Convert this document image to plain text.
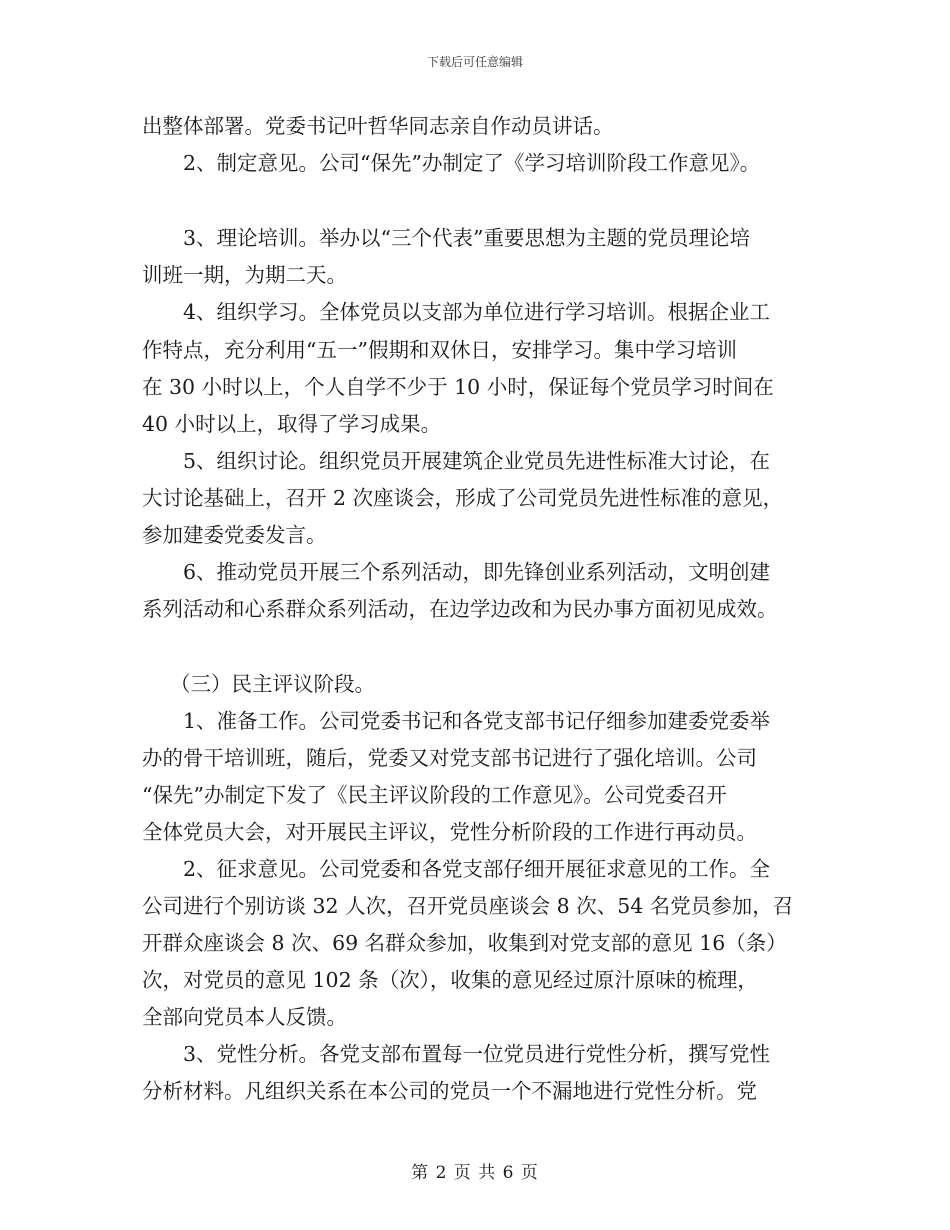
下载后可任意编辑
出整体部署。党委书记叶哲华同志亲自作动员讲话。
2、制定意见。公司“保先”办制定了《学习培训阶段工作意见》。
3、理论培训。举办以“三个代表”重要思想为主题的党员理论培
训班一期，为期二天。
4、组织学习。全体党员以支部为单位进行学习培训。根据企业工
作特点，充分利用“五一”假期和双休日，安排学习。集中学习培训
在 30 小时以上，个人自学不少于 10 小时，保证每个党员学习时间在
40 小时以上，取得了学习成果。
5、组织讨论。组织党员开展建筑企业党员先进性标准大讨论，在
大讨论基础上，召开 2 次座谈会，形成了公司党员先进性标准的意见，
参加建委党委发言。
6、推动党员开展三个系列活动，即先锋创业系列活动，文明创建
系列活动和心系群众系列活动，在边学边改和为民办事方面初见成效。
（三）民主评议阶段。
1、准备工作。公司党委书记和各党支部书记仔细参加建委党委举
办的骨干培训班，随后，党委又对党支部书记进行了强化培训。公司
“保先”办制定下发了《民主评议阶段的工作意见》。公司党委召开
全体党员大会，对开展民主评议，党性分析阶段的工作进行再动员。
2、征求意见。公司党委和各党支部仔细开展征求意见的工作。全
公司进行个别访谈 32 人次，召开党员座谈会 8 次、54 名党员参加，召
开群众座谈会 8 次、69 名群众参加，收集到对党支部的意见 16（条）
次，对党员的意见 102 条（次），收集的意见经过原汁原味的梳理，
全部向党员本人反馈。
3、党性分析。各党支部布置每一位党员进行党性分析，撰写党性
分析材料。凡组织关系在本公司的党员一个不漏地进行党性分析。党
第 2 页 共 6 页
